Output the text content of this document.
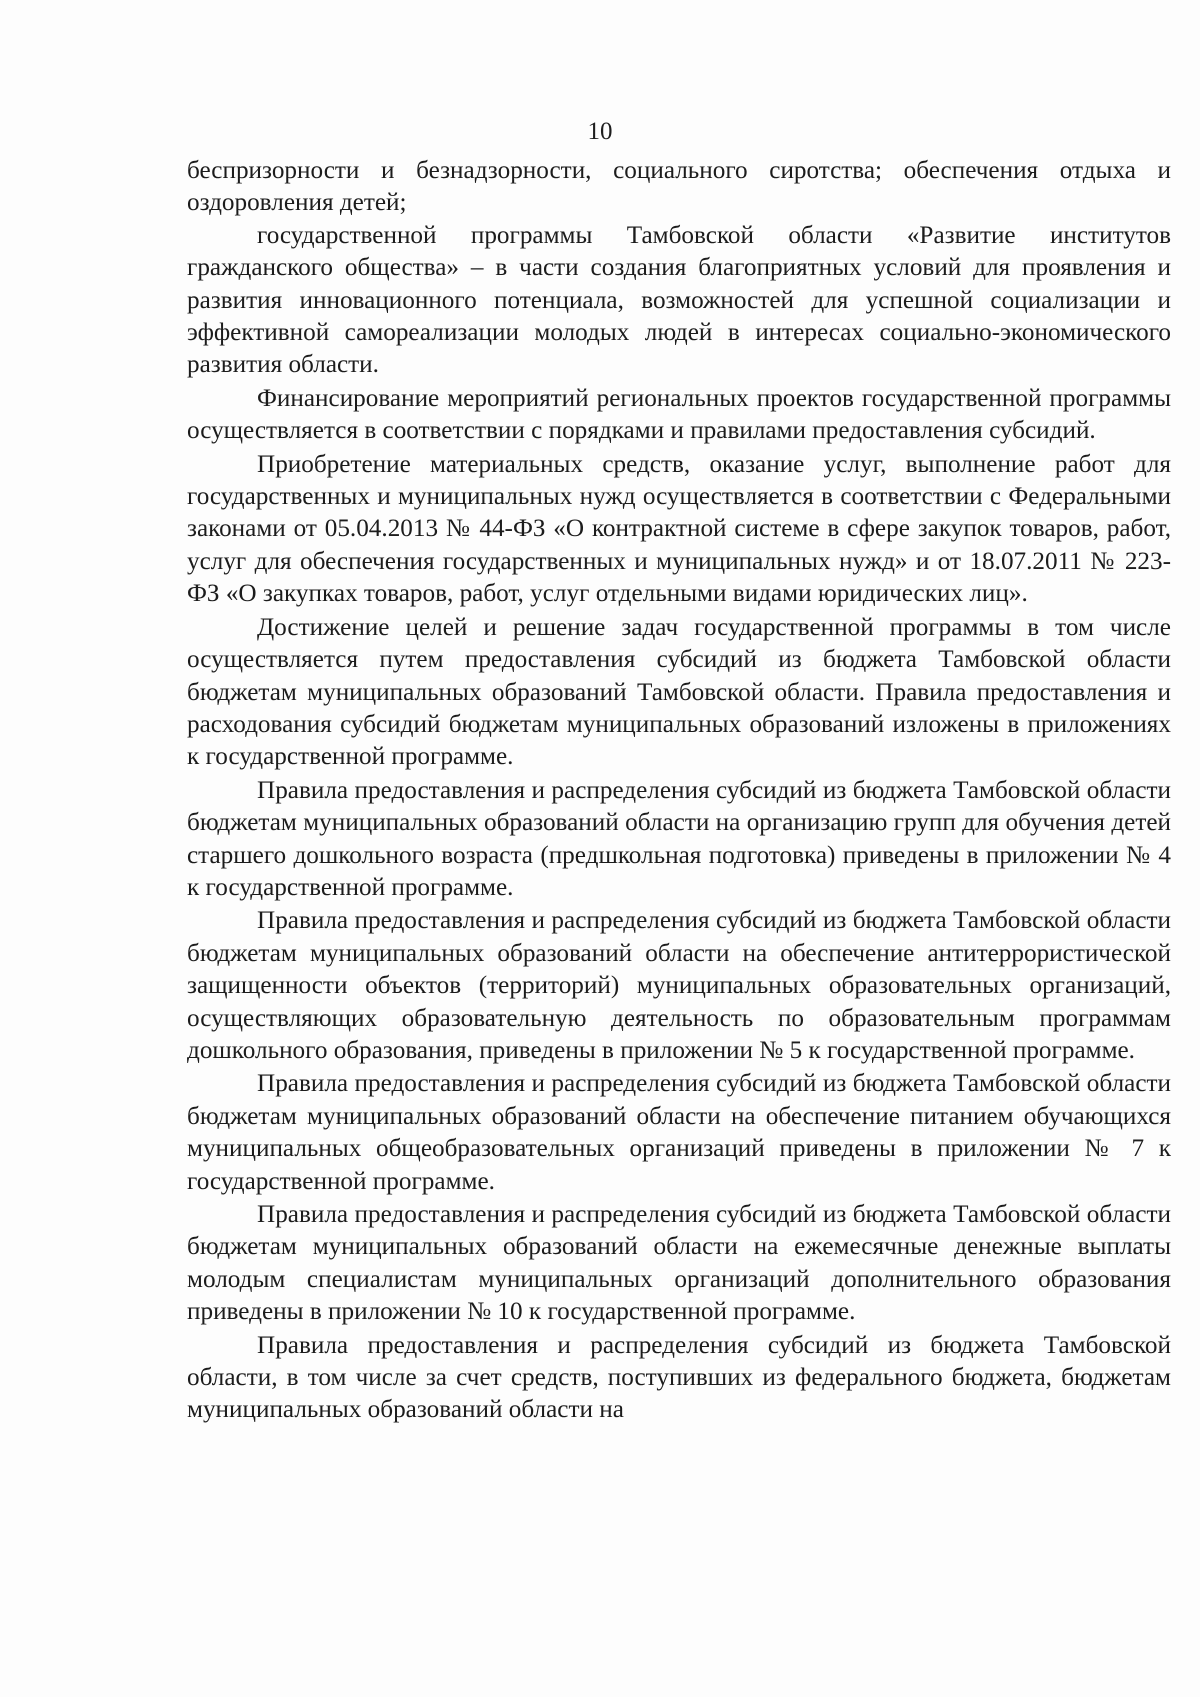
10

беспризорности и безнадзорности, социального сиротства; обеспечения отдыха и оздоровления детей;

государственной программы Тамбовской области «Развитие институтов гражданского общества» – в части создания благоприятных условий для проявления и развития инновационного потенциала, возможностей для успешной социализации и эффективной самореализации молодых людей в интересах социально-экономического развития области.

Финансирование мероприятий региональных проектов государственной программы осуществляется в соответствии с порядками и правилами предоставления субсидий.

Приобретение материальных средств, оказание услуг, выполнение работ для государственных и муниципальных нужд осуществляется в соответствии с Федеральными законами от 05.04.2013 № 44-ФЗ «О контрактной системе в сфере закупок товаров, работ, услуг для обеспечения государственных и муниципальных нужд» и от 18.07.2011 № 223-ФЗ «О закупках товаров, работ, услуг отдельными видами юридических лиц».

Достижение целей и решение задач государственной программы в том числе осуществляется путем предоставления субсидий из бюджета Тамбовской области бюджетам муниципальных образований Тамбовской области. Правила предоставления и расходования субсидий бюджетам муниципальных образований изложены в приложениях к государственной программе.

Правила предоставления и распределения субсидий из бюджета Тамбовской области бюджетам муниципальных образований области на организацию групп для обучения детей старшего дошкольного возраста (предшкольная подготовка) приведены в приложении № 4 к государственной программе.

Правила предоставления и распределения субсидий из бюджета Тамбовской области бюджетам муниципальных образований области на обеспечение антитеррористической защищенности объектов (территорий) муниципальных образовательных организаций, осуществляющих образовательную деятельность по образовательным программам дошкольного образования, приведены в приложении № 5 к государственной программе.

Правила предоставления и распределения субсидий из бюджета Тамбовской области бюджетам муниципальных образований области на обеспечение питанием обучающихся муниципальных общеобразовательных организаций приведены в приложении № 7 к государственной программе.

Правила предоставления и распределения субсидий из бюджета Тамбовской области бюджетам муниципальных образований области на ежемесячные денежные выплаты молодым специалистам муниципальных организаций дополнительного образования приведены в приложении № 10 к государственной программе.

Правила предоставления и распределения субсидий из бюджета Тамбовской области, в том числе за счет средств, поступивших из федерального бюджета, бюджетам муниципальных образований области на
